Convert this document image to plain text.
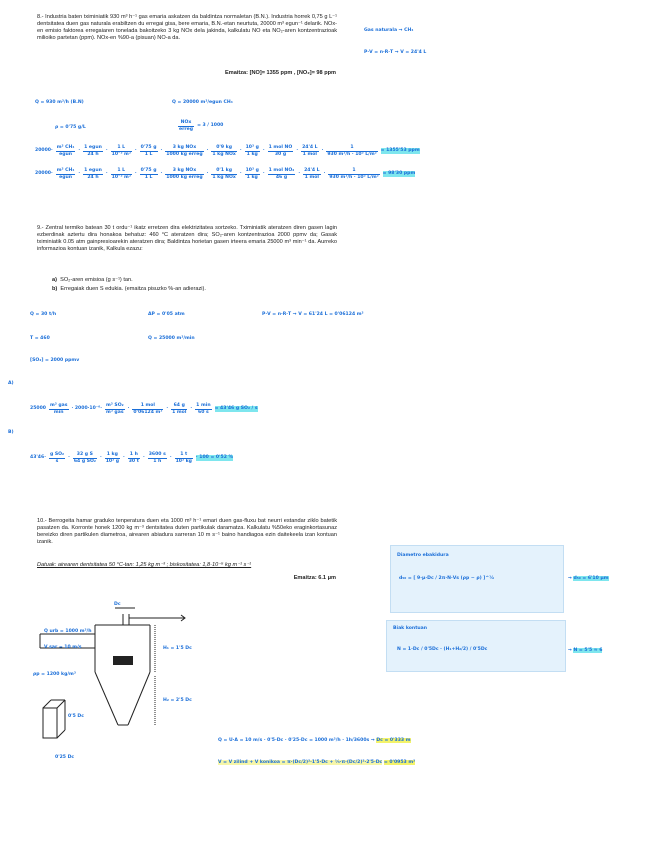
8.- Industria baten tximiniatik 930 m³ h⁻¹ gas emaria askatzen da baldintza normaletan (B.N.). Industria horrek 0,75 g L⁻¹ dentsitatea duen gas naturala erabiltzen du erregai gisa, bere emaria, B.N.-etan neurtuta, 20000 m³ egun⁻¹ delarik. NOx-en emisio faktorea erregaiaren tonelada bakoitzeko 3 kg NOx dela jakinda, kalkulatu NO eta NO₂-aren kontzentrazioak milioiko partetan (ppm). NOx-en %90-a (pisuan) NO-a da.
Emaitza: [NO]= 1355 ppm , [NO₂]= 98 ppm
Gas naturala → CH₄
P·V = n·R·T → V = 24'4 L
Q = 930 m³/h (B.N)	Q = 20000 m³/egun CH₄
ρ = 0'75 g/L	$\frac{\text{NOx}}{\text{erreg}} = 3 / 1000$
$20000 \cdot \frac{\text{m³ CH₄}}{\text{egun}} \cdot \frac{\text{1 egun}}{24 h} \cdot \frac{1 L}{\text{10⁻³ m³}} \cdot \frac{0'75 g}{1 L} \cdot \frac{\text{3 kg NOx}}{\text{1000 kg erreg}} \cdot \frac{0'9 kg}{\text{1 kg NOx}} \cdot \frac{\text{10³ g}}{1 kg} \cdot \frac{\text{1 mol NO}}{30 g} \cdot \frac{24'4 L}{\text{1 mol}} \cdot \frac{1}{\text{930 m³/h · 10³ L/m³}} = 1355'53$ ppm
$20000 \cdot \frac{\text{m³ CH₄}}{\text{egun}} \cdot \frac{\text{1 egun}}{24 h} \cdot \frac{1 L}{\text{10⁻³ m³}} \cdot \frac{0'75 g}{1 L} \cdot \frac{\text{3 kg NOx}}{\text{1000 kg erreg}} \cdot \frac{0'1 kg}{\text{1 kg NOx}} \cdot \frac{\text{10³ g}}{1 kg} \cdot \frac{\text{1 mol NO₂}}{46 g} \cdot \frac{24'4 L}{\text{1 mol}} \cdot \frac{1}{\text{930 m³/h · 10³ L/m³}} = 98'30$ ppm
9.- Zentral termiko batean 30 t ordu⁻¹ ikatz erretzen dira elektrizitatea sortzeko. Tximiniatik ateratzen diren gasen lagin ezberdinak aztertu dira honakoa behatuz: 460 °C ateratzen dira; SO₂-aren kontzentrazioa 2000 ppmv da; Gasak tximiniatik 0.05 atm gainpresioarekin ateratzen dira; Baldintza horietan gasen irteera emaria 25000 m³ min⁻¹ da. Aurreko informazioa kontuan izanik, Kalkula ezazu:
a) SO₂-aren emisioa (g s⁻¹) tan.
b) Erregaiak duen S edukia. (emaitza pisuzko %-an adierazi).
Q = 30 t/h	ΔP = 0'05 atm	P·V = n·R·T → V = 61'24 L = 0'06124 m³
T = 460	Q = 25000 m³/min
[SO₂] = 2000 ppmv
A)
$25000 \frac{\text{m³ gas}}{\min} \cdot 2000\cdot 10^{-6} \cdot \frac{\text{m³ SO₂}}{\text{m³ gas}} \cdot \frac{\text{1 mol}}{\text{0'06124 m³}} \cdot \frac{64 g}{\text{1 mol}} \cdot \frac{1 \min}{60 s} = 43'46$ g SO₂ / s
B)
$43'46 \cdot \frac{\text{g SO₂}}{s} \cdot \frac{\text{32 g S}}{\text{64 g SO₂}} \cdot \frac{1 kg}{\text{10³ g}} \cdot \frac{1 h}{30 t} \cdot \frac{3600 s}{1 h} \cdot \frac{1 t}{\text{10³ kg}} \cdot 100 = 0'52$ %
10.- Berrogeita hamar graduko tenperatura duen eta 1000 m³ h⁻¹ emari duen gas-fluxu bat neurri estandar ziklo batetik pasatzen da. Korronte honek 1200 kg m⁻³ dentsitatea duten partikulak daramatza. Kalkulatu %50eko eraginkortasunaz bereizko diren partikulen diametroa, airearen abiadura sarreran 10 m s⁻¹ baino handiagoa ezin daitekeela izan kontuan izanik.
Datuak: airearen dentsitatea 50 °C-tan: 1,25 kg m⁻³ ; biskositatea: 1,8·10⁻⁵ kg m⁻¹ s⁻¹
Emaitza: 6.1 μm
Diametro ebakidura
d₅₀ = [ 9·μ·Dc / 2π·N·Vs (ρp − ρ) ]^½	→ d₅₀ = 6'10 μm
Biak kontuan
N = 1·Dc / 0'5Dc · (H₁+H₂/2) / 0'5Dc	→ N = 5'5 ≈ 6
Dc
Q urb = 1000 m³/h
V sar = 10 m/s
ρp = 1200 kg/m³
H₁ = 1'5 Dc
H₂ = 2'5 Dc
0'5 Dc
0'25 Dc
Q = U·A = 10 m/s · 0'5·Dc · 0'25·Dc = 1000 m³/h · 1h/3600s → Dc = 0'333 m
V = V zilind + V konikoa = π·(Dc/2)²·1'5·Dc + ⅓·π·(Dc/2)²·2'5·Dc = 0'0953 m³
